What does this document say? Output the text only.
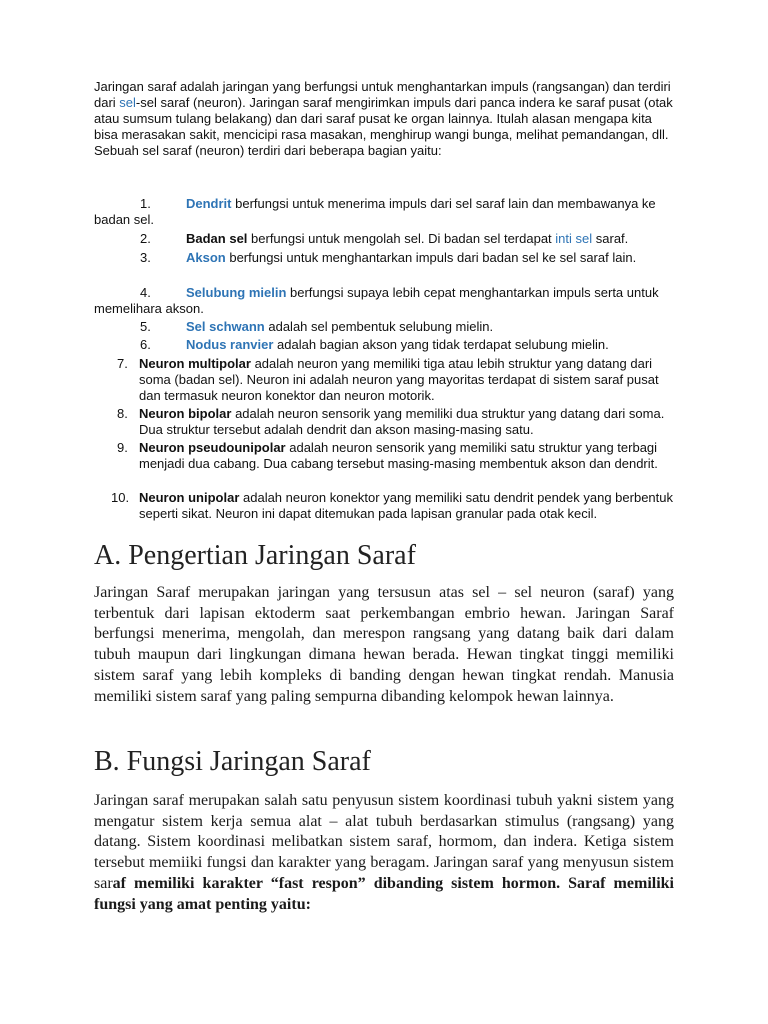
Jaringan saraf adalah jaringan yang berfungsi untuk menghantarkan impuls (rangsangan) dan terdiri dari sel-sel saraf (neuron). Jaringan saraf mengirimkan impuls dari panca indera ke saraf pusat (otak atau sumsum tulang belakang) dan dari saraf pusat ke organ lainnya. Itulah alasan mengapa kita bisa merasakan sakit, mencicipi rasa masakan, menghirup wangi bunga, melihat pemandangan, dll. Sebuah sel saraf (neuron) terdiri dari beberapa bagian yaitu:

1.	Dendrit berfungsi untuk menerima impuls dari sel saraf lain dan membawanya ke badan sel.

2.	Badan sel berfungsi untuk mengolah sel. Di badan sel terdapat inti sel saraf.

3.	Akson berfungsi untuk menghantarkan impuls dari badan sel ke sel saraf lain.

4.	Selubung mielin berfungsi supaya lebih cepat menghantarkan impuls serta untuk memelihara akson.

5.	Sel schwann adalah sel pembentuk selubung mielin.

6.	Nodus ranvier adalah bagian akson yang tidak terdapat selubung mielin.

7. Neuron multipolar adalah neuron yang memiliki tiga atau lebih struktur yang datang dari soma (badan sel). Neuron ini adalah neuron yang mayoritas terdapat di sistem saraf pusat dan termasuk neuron konektor dan neuron motorik.

8. Neuron bipolar adalah neuron sensorik yang memiliki dua struktur yang datang dari soma. Dua struktur tersebut adalah dendrit dan akson masing-masing satu.

9. Neuron pseudounipolar adalah neuron sensorik yang memiliki satu struktur yang terbagi menjadi dua cabang. Dua cabang tersebut masing-masing membentuk akson dan dendrit.

10. Neuron unipolar adalah neuron konektor yang memiliki satu dendrit pendek yang berbentuk seperti sikat. Neuron ini dapat ditemukan pada lapisan granular pada otak kecil.

A. Pengertian Jaringan Saraf

Jaringan Saraf merupakan jaringan yang tersusun atas sel – sel neuron (saraf) yang terbentuk dari lapisan ektoderm saat perkembangan embrio hewan. Jaringan Saraf berfungsi menerima, mengolah, dan merespon rangsang yang datang baik dari dalam tubuh maupun dari lingkungan dimana hewan berada. Hewan tingkat tinggi memiliki sistem saraf yang lebih kompleks di banding dengan hewan tingkat rendah. Manusia memiliki sistem saraf yang paling sempurna dibanding kelompok hewan lainnya.

B. Fungsi Jaringan Saraf

Jaringan saraf merupakan salah satu penyusun sistem koordinasi tubuh yakni sistem yang mengatur sistem kerja semua alat – alat tubuh berdasarkan stimulus (rangsang) yang datang. Sistem koordinasi melibatkan sistem saraf, hormom, dan indera. Ketiga sistem tersebut memiiki fungsi dan karakter yang beragam. Jaringan saraf yang menyusun sistem saraf memiliki karakter “fast respon” dibanding sistem hormon. Saraf memiliki fungsi yang amat penting yaitu:
